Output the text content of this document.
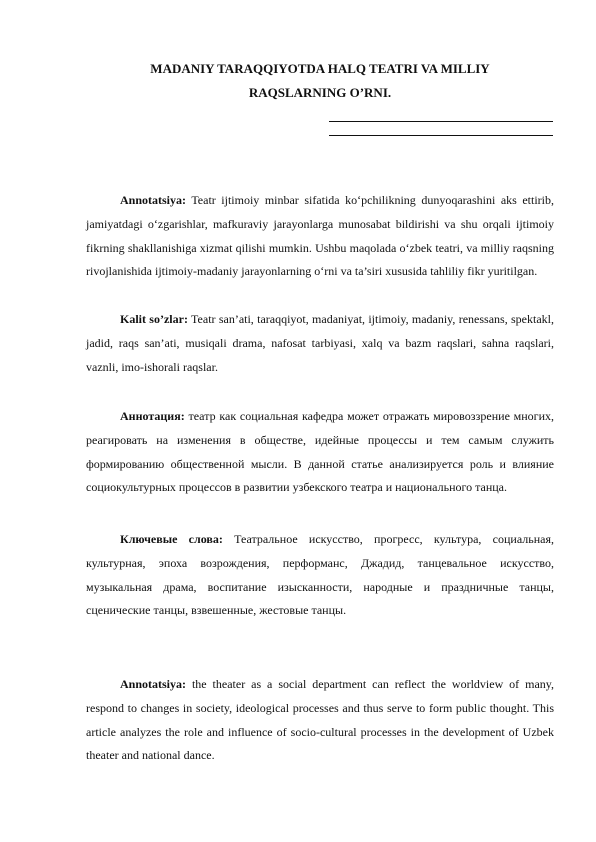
MADANIY TARAQQIYOTDA HALQ TEATRI VA MILLIY
RAQSLARNING O’RNI.

Annotatsiya: Teatr ijtimoiy minbar sifatida ko‘pchilikning dunyoqarashini aks ettirib, jamiyatdagi o‘zgarishlar, mafkuraviy jarayonlarga munosabat bildirishi va shu orqali ijtimoiy fikrning shakllanishiga xizmat qilishi mumkin. Ushbu maqolada o‘zbek teatri, va milliy raqsning rivojlanishida ijtimoiy-madaniy jarayonlarning o‘rni va ta’siri xususida tahliliy fikr yuritilgan.

Kalit so’zlar: Teatr san’ati, taraqqiyot, madaniyat, ijtimoiy, madaniy, renessans, spektakl, jadid, raqs san’ati, musiqali drama, nafosat tarbiyasi, xalq va bazm raqslari, sahna raqslari, vaznli, imo-ishorali raqslar.

Аннотация: театр как социальная кафедра может отражать мировоззрение многих, реагировать на изменения в обществе, идейные процессы и тем самым служить формированию общественной мысли. В данной статье анализируется роль и влияние социокультурных процессов в развитии узбекского театра и национального танца.

Ключевые слова: Театральное искусство, прогресс, культура, социальная, культурная, эпоха возрождения, перформанс, Джадид, танцевальное искусство, музыкальная драма, воспитание изысканности, народные и праздничные танцы, сценические танцы, взвешенные, жестовые танцы.

Annotatsiya: the theater as a social department can reflect the worldview of many, respond to changes in society, ideological processes and thus serve to form public thought. This article analyzes the role and influence of socio-cultural processes in the development of Uzbek theater and national dance.
